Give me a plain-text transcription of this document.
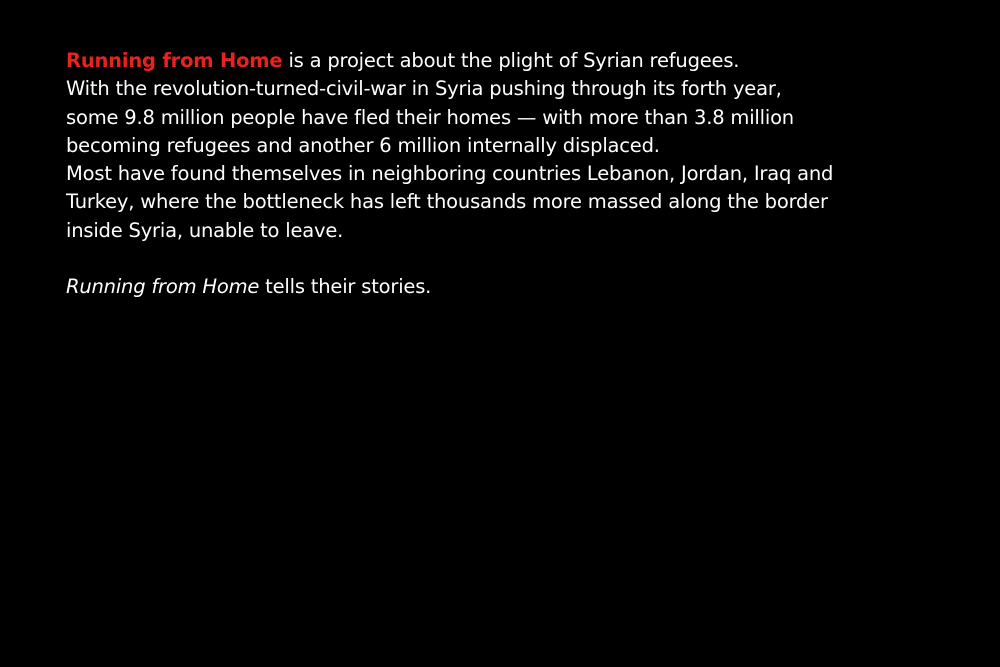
Running from Home is a project about the plight of Syrian refugees.
With the revolution-turned-civil-war in Syria pushing through its forth year,
some 9.8 million people have fled their homes — with more than 3.8 million
becoming refugees and another 6 million internally displaced.
Most have found themselves in neighboring countries Lebanon, Jordan, Iraq and
Turkey, where the bottleneck has left thousands more massed along the border
inside Syria, unable to leave.
Running from Home tells their stories.
